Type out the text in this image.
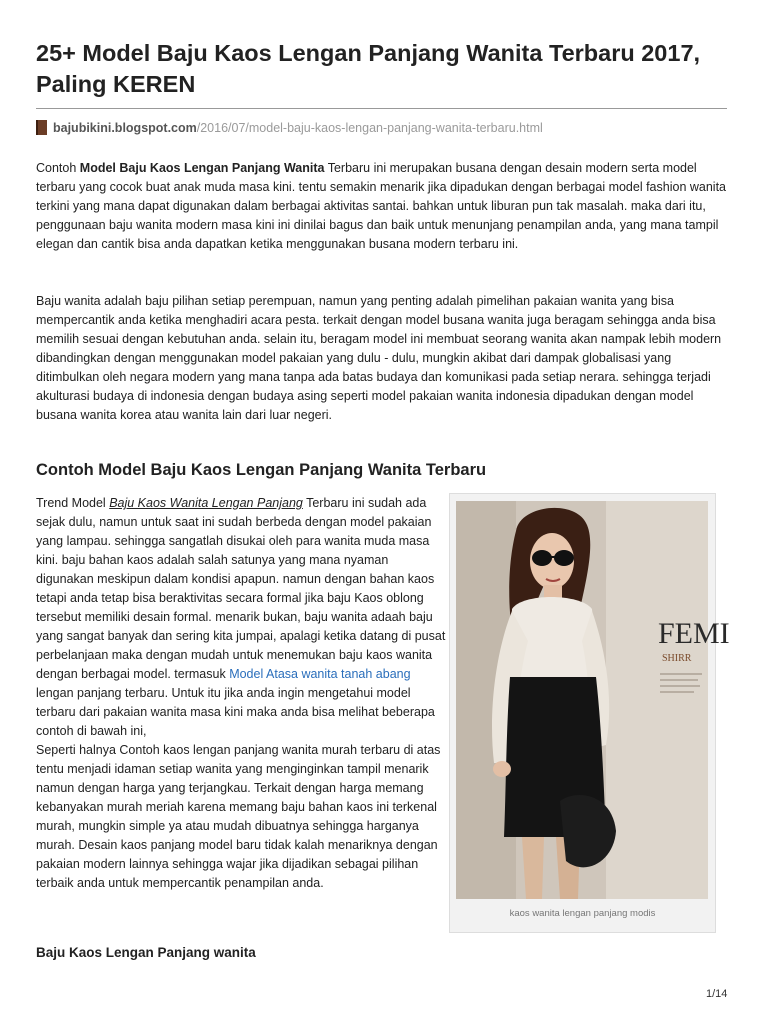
25+ Model Baju Kaos Lengan Panjang Wanita Terbaru 2017, Paling KEREN
bajubikini.blogspot.com/2016/07/model-baju-kaos-lengan-panjang-wanita-terbaru.html

Contoh Model Baju Kaos Lengan Panjang Wanita Terbaru ini merupakan busana dengan desain modern serta model terbaru yang cocok buat anak muda masa kini. tentu semakin menarik jika dipadukan dengan berbagai model fashion wanita terkini yang mana dapat digunakan dalam berbagai aktivitas santai. bahkan untuk liburan pun tak masalah. maka dari itu, penggunaan baju wanita modern masa kini ini dinilai bagus dan baik untuk menunjang penampilan anda, yang mana tampil elegan dan cantik bisa anda dapatkan ketika menggunakan busana modern terbaru ini.

Baju wanita adalah baju pilihan setiap perempuan, namun yang penting adalah pimelihan pakaian wanita yang bisa mempercantik anda ketika menghadiri acara pesta. terkait dengan model busana wanita juga beragam sehingga anda bisa memilih sesuai dengan kebutuhan anda. selain itu, beragam model ini membuat seorang wanita akan nampak lebih modern dibandingkan dengan menggunakan model pakaian yang dulu - dulu, mungkin akibat dari dampak globalisasi yang ditimbulkan oleh negara modern yang mana tanpa ada batas budaya dan komunikasi pada setiap nerara. sehingga terjadi akulturasi budaya di indonesia dengan budaya asing seperti model pakaian wanita indonesia dipadukan dengan model busana wanita korea atau wanita lain dari luar negeri.

Contoh Model Baju Kaos Lengan Panjang Wanita Terbaru
Trend Model Baju Kaos Wanita Lengan Panjang Terbaru ini sudah ada sejak dulu, namun untuk saat ini sudah berbeda dengan model pakaian yang lampau. sehingga sangatlah disukai oleh para wanita muda masa kini. baju bahan kaos adalah salah satunya yang mana nyaman digunakan meskipun dalam kondisi apapun. namun dengan bahan kaos tetapi anda tetap bisa beraktivitas secara formal jika baju Kaos oblong tersebut memiliki desain formal. menarik bukan, baju wanita adaah baju yang sangat banyak dan sering kita jumpai, apalagi ketika datang di pusat perbelanjaan maka dengan mudah untuk menemukan baju kaos wanita dengan berbagai model. termasuk Model Atasa wanita tanah abang lengan panjang terbaru. Untuk itu jika anda ingin mengetahui model terbaru dari pakaian wanita masa kini maka anda bisa melihat beberapa contoh di bawah ini,
Seperti halnya Contoh kaos lengan panjang wanita murah terbaru di atas tentu menjadi idaman setiap wanita yang menginginkan tampil menarik namun dengan harga yang terjangkau. Terkait dengan harga memang kebanyakan murah meriah karena memang baju bahan kaos ini terkenal murah, mungkin simple ya atau mudah dibuatnya sehingga harganya murah. Desain kaos panjang model baru tidak kalah menariknya dengan pakaian modern lainnya sehingga wajar jika dijadikan sebagai pilihan terbaik anda untuk mempercantik penampilan anda.
FEMI
SHIRR
kaos wanita lengan panjang modis
Baju Kaos Lengan Panjang wanita
1/14
